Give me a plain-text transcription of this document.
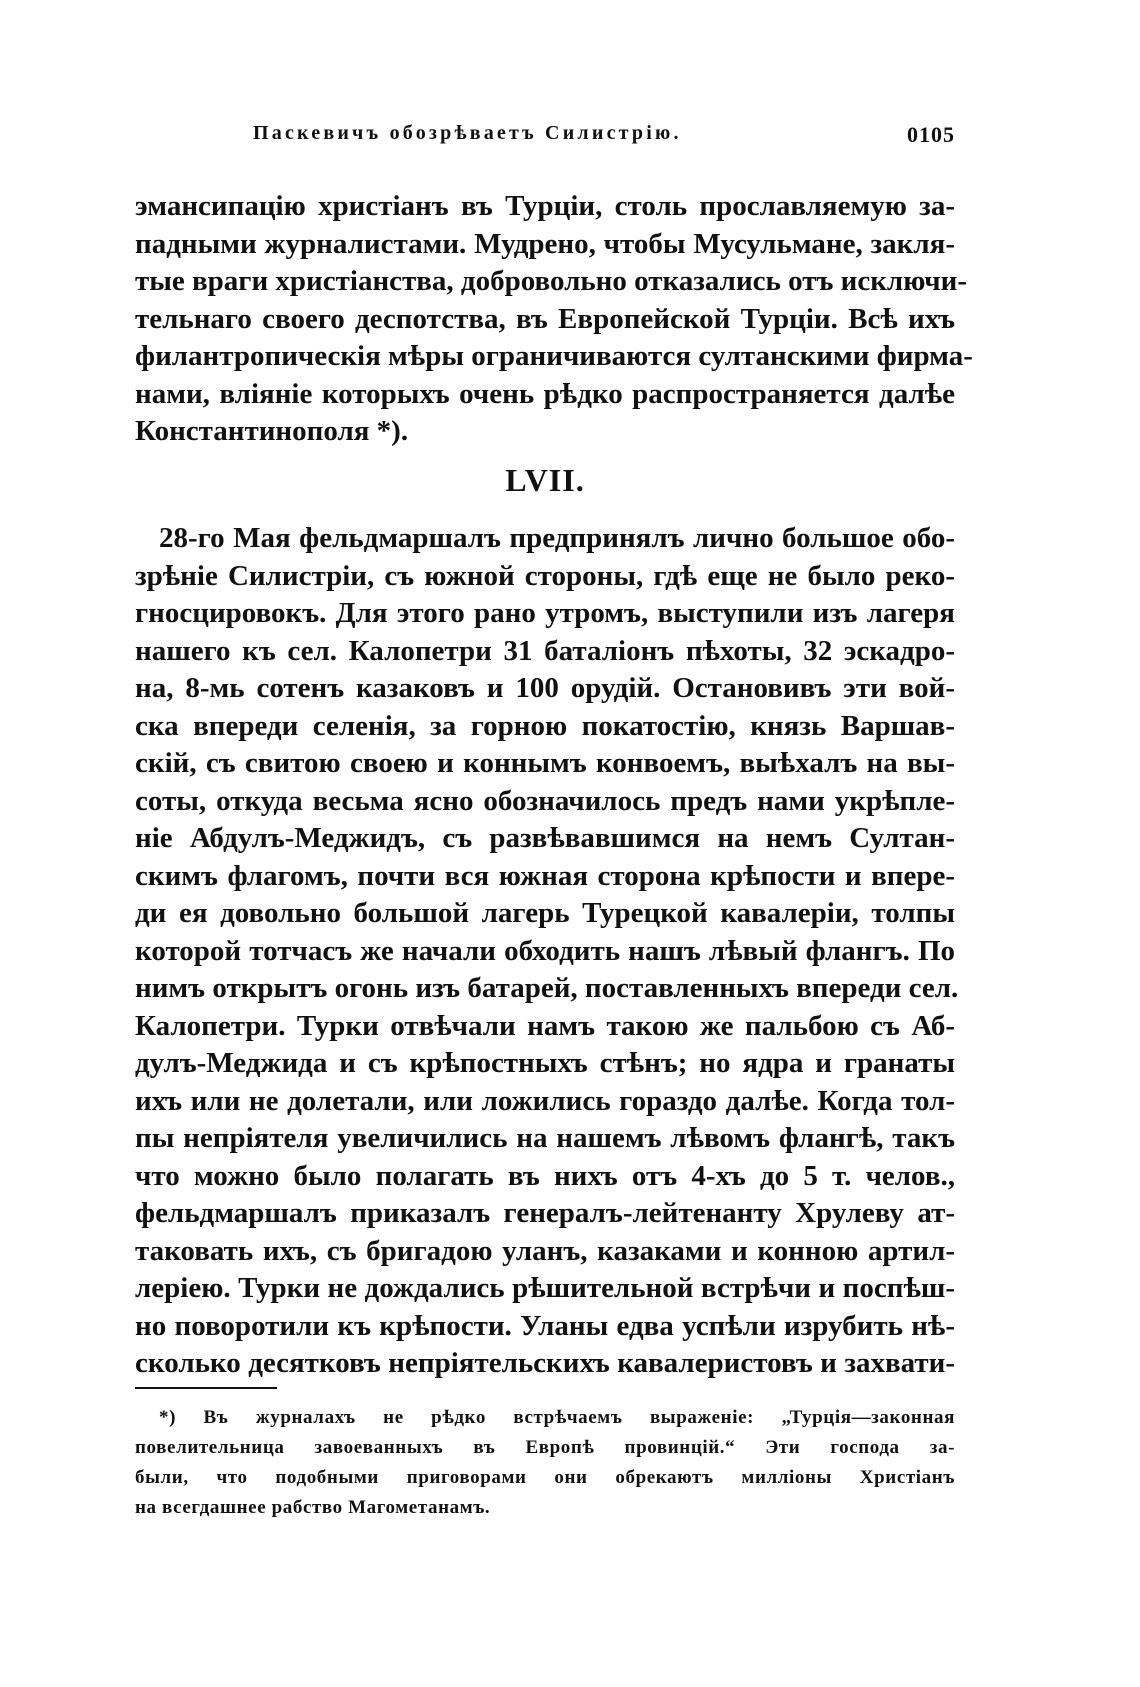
Паскевичъ обозрѣваетъ Силистрію.	0105
эмансипацію христіанъ въ Турціи, столь прославляемую за-
падными журналистами. Мудрено, чтобы Мусульмане, закля-
тые враги христіанства, добровольно отказались отъ исключи-
тельнаго своего деспотства, въ Европейской Турціи. Всѣ ихъ
филантропическія мѣры ограничиваются султанскими фирма-
нами, вліяніе которыхъ очень рѣдко распространяется далѣе
Константинополя *).
LVII.
28-го Мая фельдмаршалъ предпринялъ лично большое обо-
зрѣніе Силистріи, съ южной стороны, гдѣ еще не было реко-
гносцировокъ. Для этого рано утромъ, выступили изъ лагеря
нашего къ сел. Калопетри 31 баталіонъ пѣхоты, 32 эскадро-
на, 8-мь сотенъ казаковъ и 100 орудій. Остановивъ эти вой-
ска впереди селенія, за горною покатостію, князь Варшав-
скій, съ свитою своею и коннымъ конвоемъ, выѣхалъ на вы-
соты, откуда весьма ясно обозначилось предъ нами укрѣпле-
ніе Абдулъ-Меджидъ, съ развѣвавшимся на немъ Султан-
скимъ флагомъ, почти вся южная сторона крѣпости и впере-
ди ея довольно большой лагерь Турецкой кавалеріи, толпы
которой тотчасъ же начали обходить нашъ лѣвый флангъ. По
нимъ открытъ огонь изъ батарей, поставленныхъ впереди сел.
Калопетри. Турки отвѣчали намъ такою же пальбою съ Аб-
дулъ-Меджида и съ крѣпостныхъ стѣнъ; но ядра и гранаты
ихъ или не долетали, или ложились гораздо далѣе. Когда тол-
пы непріятеля увеличились на нашемъ лѣвомъ флангѣ, такъ
что можно было полагать въ нихъ отъ 4-хъ до 5 т. челов.,
фельдмаршалъ приказалъ генералъ-лейтенанту Хрулеву ат-
таковать ихъ, съ бригадою уланъ, казаками и конною артил-
леріею. Турки не дождались рѣшительной встрѣчи и поспѣш-
но поворотили къ крѣпости. Уланы едва успѣли изрубить нѣ-
сколько десятковъ непріятельскихъ кавалеристовъ и захвати-
*) Въ журналахъ не рѣдко встрѣчаемъ выраженіе: „Турція—законная
повелительница завоеванныхъ въ Европѣ провинцій.“ Эти господа за-
были, что подобными приговорами они обрекаютъ милліоны Христіанъ
на всегдашнее рабство Магометанамъ.
